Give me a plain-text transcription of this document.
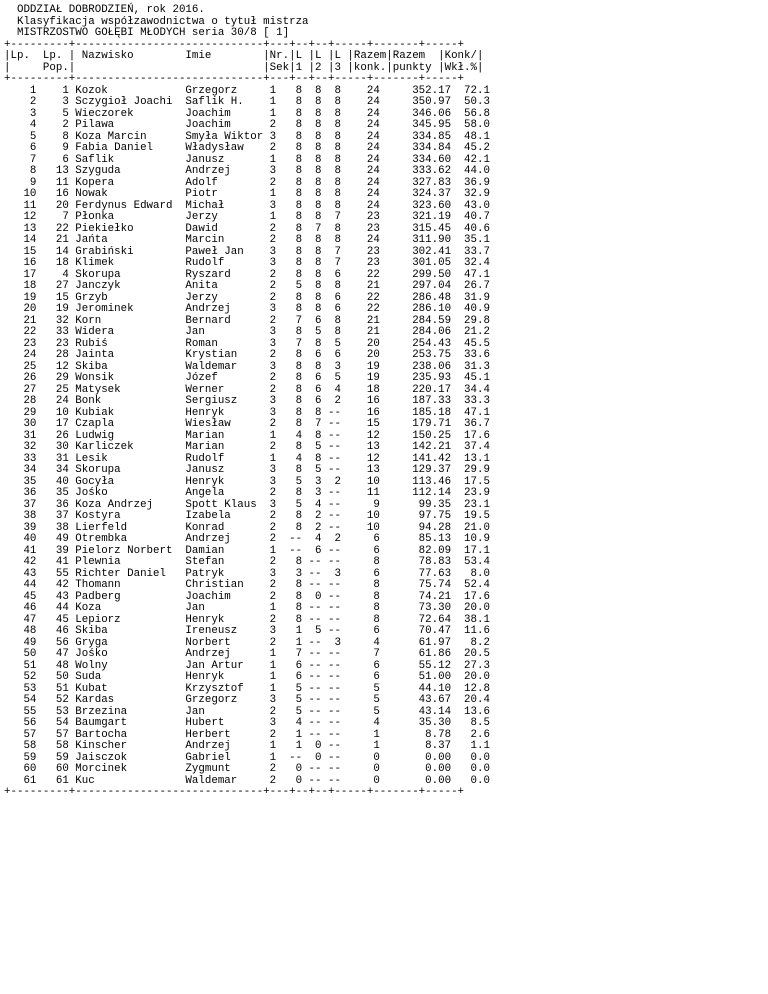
ODDZIAŁ DOBRODZIEŃ, rok 2016.
Klasyfikacja współzawodnictwa o tytuł mistrza
MISTRZOSTWO GOŁĘBI MŁODYCH seria 30/8 [ 1]
+---------+-----------------------------+---+--+--+-----+-------+-----+
|Lp.  Lp. | Nazwisko        Imie        |Nr.|L |L |L |Razem|Razem  |Konk/|
|     Pop.|                             |Sek|1 |2 |3 |konk.|punkty |Wkł.%|
+---------+-----------------------------+---+--+--+-----+-------+-----+
1    1 Kozok            Grzegorz     1   8  8  8    24     352.17  72.1
2    3 Sczygioł Joachi  Saflik H.    1   8  8  8    24     350.97  50.3
3    5 Wieczorek        Joachim      1   8  8  8    24     346.06  56.8
4    2 Pilawa           Joachim      2   8  8  8    24     345.95  58.0
5    8 Koza Marcin      Smyła Wiktor 3   8  8  8    24     334.85  48.1
6    9 Fabia Daniel     Władysław    2   8  8  8    24     334.84  45.2
7    6 Saflik           Janusz       1   8  8  8    24     334.60  42.1
8   13 Szyguda          Andrzej      3   8  8  8    24     333.62  44.0
9   11 Kopera           Adolf        2   8  8  8    24     327.83  36.9
10   16 Nowak            Piotr        1   8  8  8    24     324.37  32.9
11   20 Ferdynus Edward  Michał       3   8  8  8    24     323.60  43.0
12    7 Płonka           Jerzy        1   8  8  7    23     321.19  40.7
13   22 Piekiełko        Dawid        2   8  7  8    23     315.45  40.6
14   21 Jańta            Marcin       2   8  8  8    24     311.90  35.1
15   14 Grabiński        Paweł Jan    3   8  8  7    23     302.41  33.7
16   18 Klimek           Rudolf       3   8  8  7    23     301.05  32.4
17    4 Skorupa          Ryszard      2   8  8  6    22     299.50  47.1
18   27 Janczyk          Anita        2   5  8  8    21     297.04  26.7
19   15 Grzyb            Jerzy        2   8  8  6    22     286.48  31.9
20   19 Jerominek        Andrzej      3   8  8  6    22     286.10  40.9
21   32 Korn             Bernard      2   7  6  8    21     284.59  29.8
22   33 Widera           Jan          3   8  5  8    21     284.06  21.2
23   23 Rubiś            Roman        3   7  8  5    20     254.43  45.5
24   28 Jainta           Krystian     2   8  6  6    20     253.75  33.6
25   12 Skiba            Waldemar     3   8  8  3    19     238.06  31.3
26   29 Wonsik           Józef        2   8  6  5    19     235.93  45.1
27   25 Matysek          Werner       2   8  6  4    18     220.17  34.4
28   24 Bonk             Sergiusz     3   8  6  2    16     187.33  33.3
29   10 Kubiak           Henryk       3   8  8 --    16     185.18  47.1
30   17 Czapla           Wiesław      2   8  7 --    15     179.71  36.7
31   26 Ludwig           Marian       1   4  8 --    12     150.25  17.6
32   30 Karliczek        Marian       2   8  5 --    13     142.21  37.4
33   31 Lesik            Rudolf       1   4  8 --    12     141.42  13.1
34   34 Skorupa          Janusz       3   8  5 --    13     129.37  29.9
35   40 Gocyła           Henryk       3   5  3  2    10     113.46  17.5
36   35 Jośko            Angela       2   8  3 --    11     112.14  23.9
37   36 Koza Andrzej     Spott Klaus  3   5  4 --     9      99.35  23.1
38   37 Kostyra          Izabela      2   8  2 --    10      97.75  19.5
39   38 Lierfeld         Konrad       2   8  2 --    10      94.28  21.0
40   49 Otrembka         Andrzej      2  --  4  2     6      85.13  10.9
41   39 Pielorz Norbert  Damian       1  --  6 --     6      82.09  17.1
42   41 Plewnia          Stefan       2   8 -- --     8      78.83  53.4
43   55 Richter Daniel   Patryk       3   3 --  3     6      77.63   8.0
44   42 Thomann          Christian    2   8 -- --     8      75.74  52.4
45   43 Padberg          Joachim      2   8  0 --     8      74.21  17.6
46   44 Koza             Jan          1   8 -- --     8      73.30  20.0
47   45 Lepiorz          Henryk       2   8 -- --     8      72.64  38.1
48   46 Skiba            Ireneusz     3   1  5 --     6      70.47  11.6
49   56 Gryga            Norbert      2   1 --  3     4      61.97   8.2
50   47 Jośko            Andrzej      1   7 -- --     7      61.86  20.5
51   48 Wolny            Jan Artur    1   6 -- --     6      55.12  27.3
52   50 Suda             Henryk       1   6 -- --     6      51.00  20.0
53   51 Kubat            Krzysztof    1   5 -- --     5      44.10  12.8
54   52 Kardas           Grzegorz     3   5 -- --     5      43.67  20.4
55   53 Brzezina         Jan          2   5 -- --     5      43.14  13.6
56   54 Baumgart         Hubert       3   4 -- --     4      35.30   8.5
57   57 Bartocha         Herbert      2   1 -- --     1       8.78   2.6
58   58 Kinscher         Andrzej      1   1  0 --     1       8.37   1.1
59   59 Jaisczok         Gabriel      1  --  0 --     0       0.00   0.0
60   60 Morcinek         Zygmunt      2   0 -- --     0       0.00   0.0
61   61 Kuc              Waldemar     2   0 -- --     0       0.00   0.0
+---------+-----------------------------+---+--+--+-----+-------+-----+
